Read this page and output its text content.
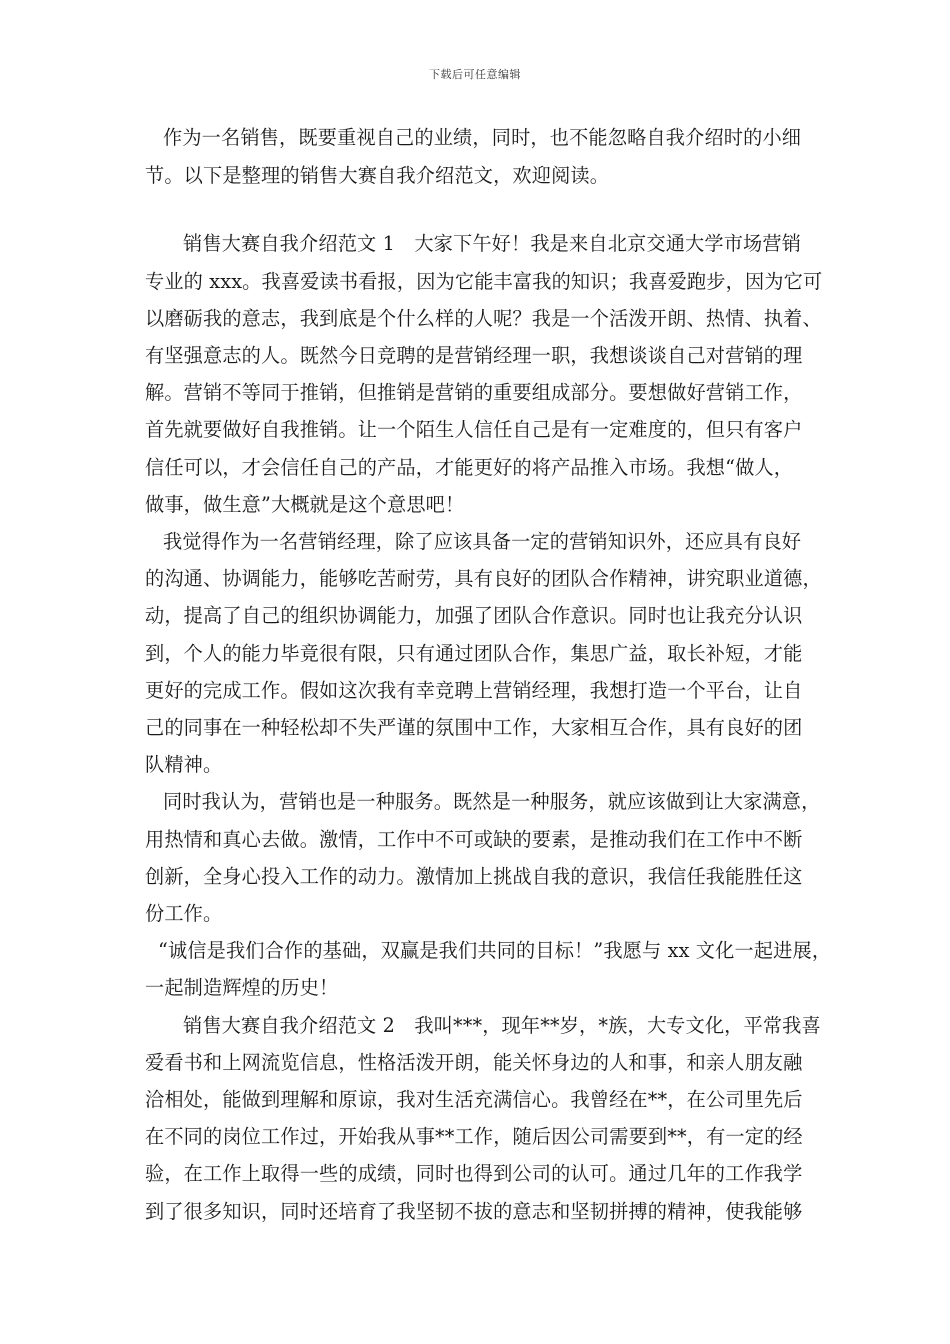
下载后可任意编辑
作为一名销售，既要重视自己的业绩，同时，也不能忽略自我介绍时的小细
节。以下是整理的销售大赛自我介绍范文，欢迎阅读。
销售大赛自我介绍范文 1　大家下午好！我是来自北京交通大学市场营销
专业的 xxx。我喜爱读书看报，因为它能丰富我的知识；我喜爱跑步，因为它可
以磨砺我的意志，我到底是个什么样的人呢？我是一个活泼开朗、热情、执着、
有坚强意志的人。既然今日竞聘的是营销经理一职，我想谈谈自己对营销的理
解。营销不等同于推销，但推销是营销的重要组成部分。要想做好营销工作，
首先就要做好自我推销。让一个陌生人信任自己是有一定难度的，但只有客户
信任可以，才会信任自己的产品，才能更好的将产品推入市场。我想“做人，
做事，做生意”大概就是这个意思吧！
我觉得作为一名营销经理，除了应该具备一定的营销知识外，还应具有良好
的沟通、协调能力，能够吃苦耐劳，具有良好的团队合作精神，讲究职业道德，
动，提高了自己的组织协调能力，加强了团队合作意识。同时也让我充分认识
到，个人的能力毕竟很有限，只有通过团队合作，集思广益，取长补短，才能
更好的完成工作。假如这次我有幸竞聘上营销经理，我想打造一个平台，让自
己的同事在一种轻松却不失严谨的氛围中工作，大家相互合作，具有良好的团
队精神。
同时我认为，营销也是一种服务。既然是一种服务，就应该做到让大家满意，
用热情和真心去做。激情，工作中不可或缺的要素，是推动我们在工作中不断
创新，全身心投入工作的动力。激情加上挑战自我的意识，我信任我能胜任这
份工作。
“诚信是我们合作的基础，双赢是我们共同的目标！”我愿与 xx 文化一起进展，
一起制造辉煌的历史！
销售大赛自我介绍范文 2　我叫***，现年**岁，*族，大专文化，平常我喜
爱看书和上网流览信息，性格活泼开朗，能关怀身边的人和事，和亲人朋友融
洽相处，能做到理解和原谅，我对生活充满信心。我曾经在**，在公司里先后
在不同的岗位工作过，开始我从事**工作，随后因公司需要到**，有一定的经
验，在工作上取得一些的成绩，同时也得到公司的认可。通过几年的工作我学
到了很多知识，同时还培育了我坚韧不拔的意志和坚韧拼搏的精神，使我能够
